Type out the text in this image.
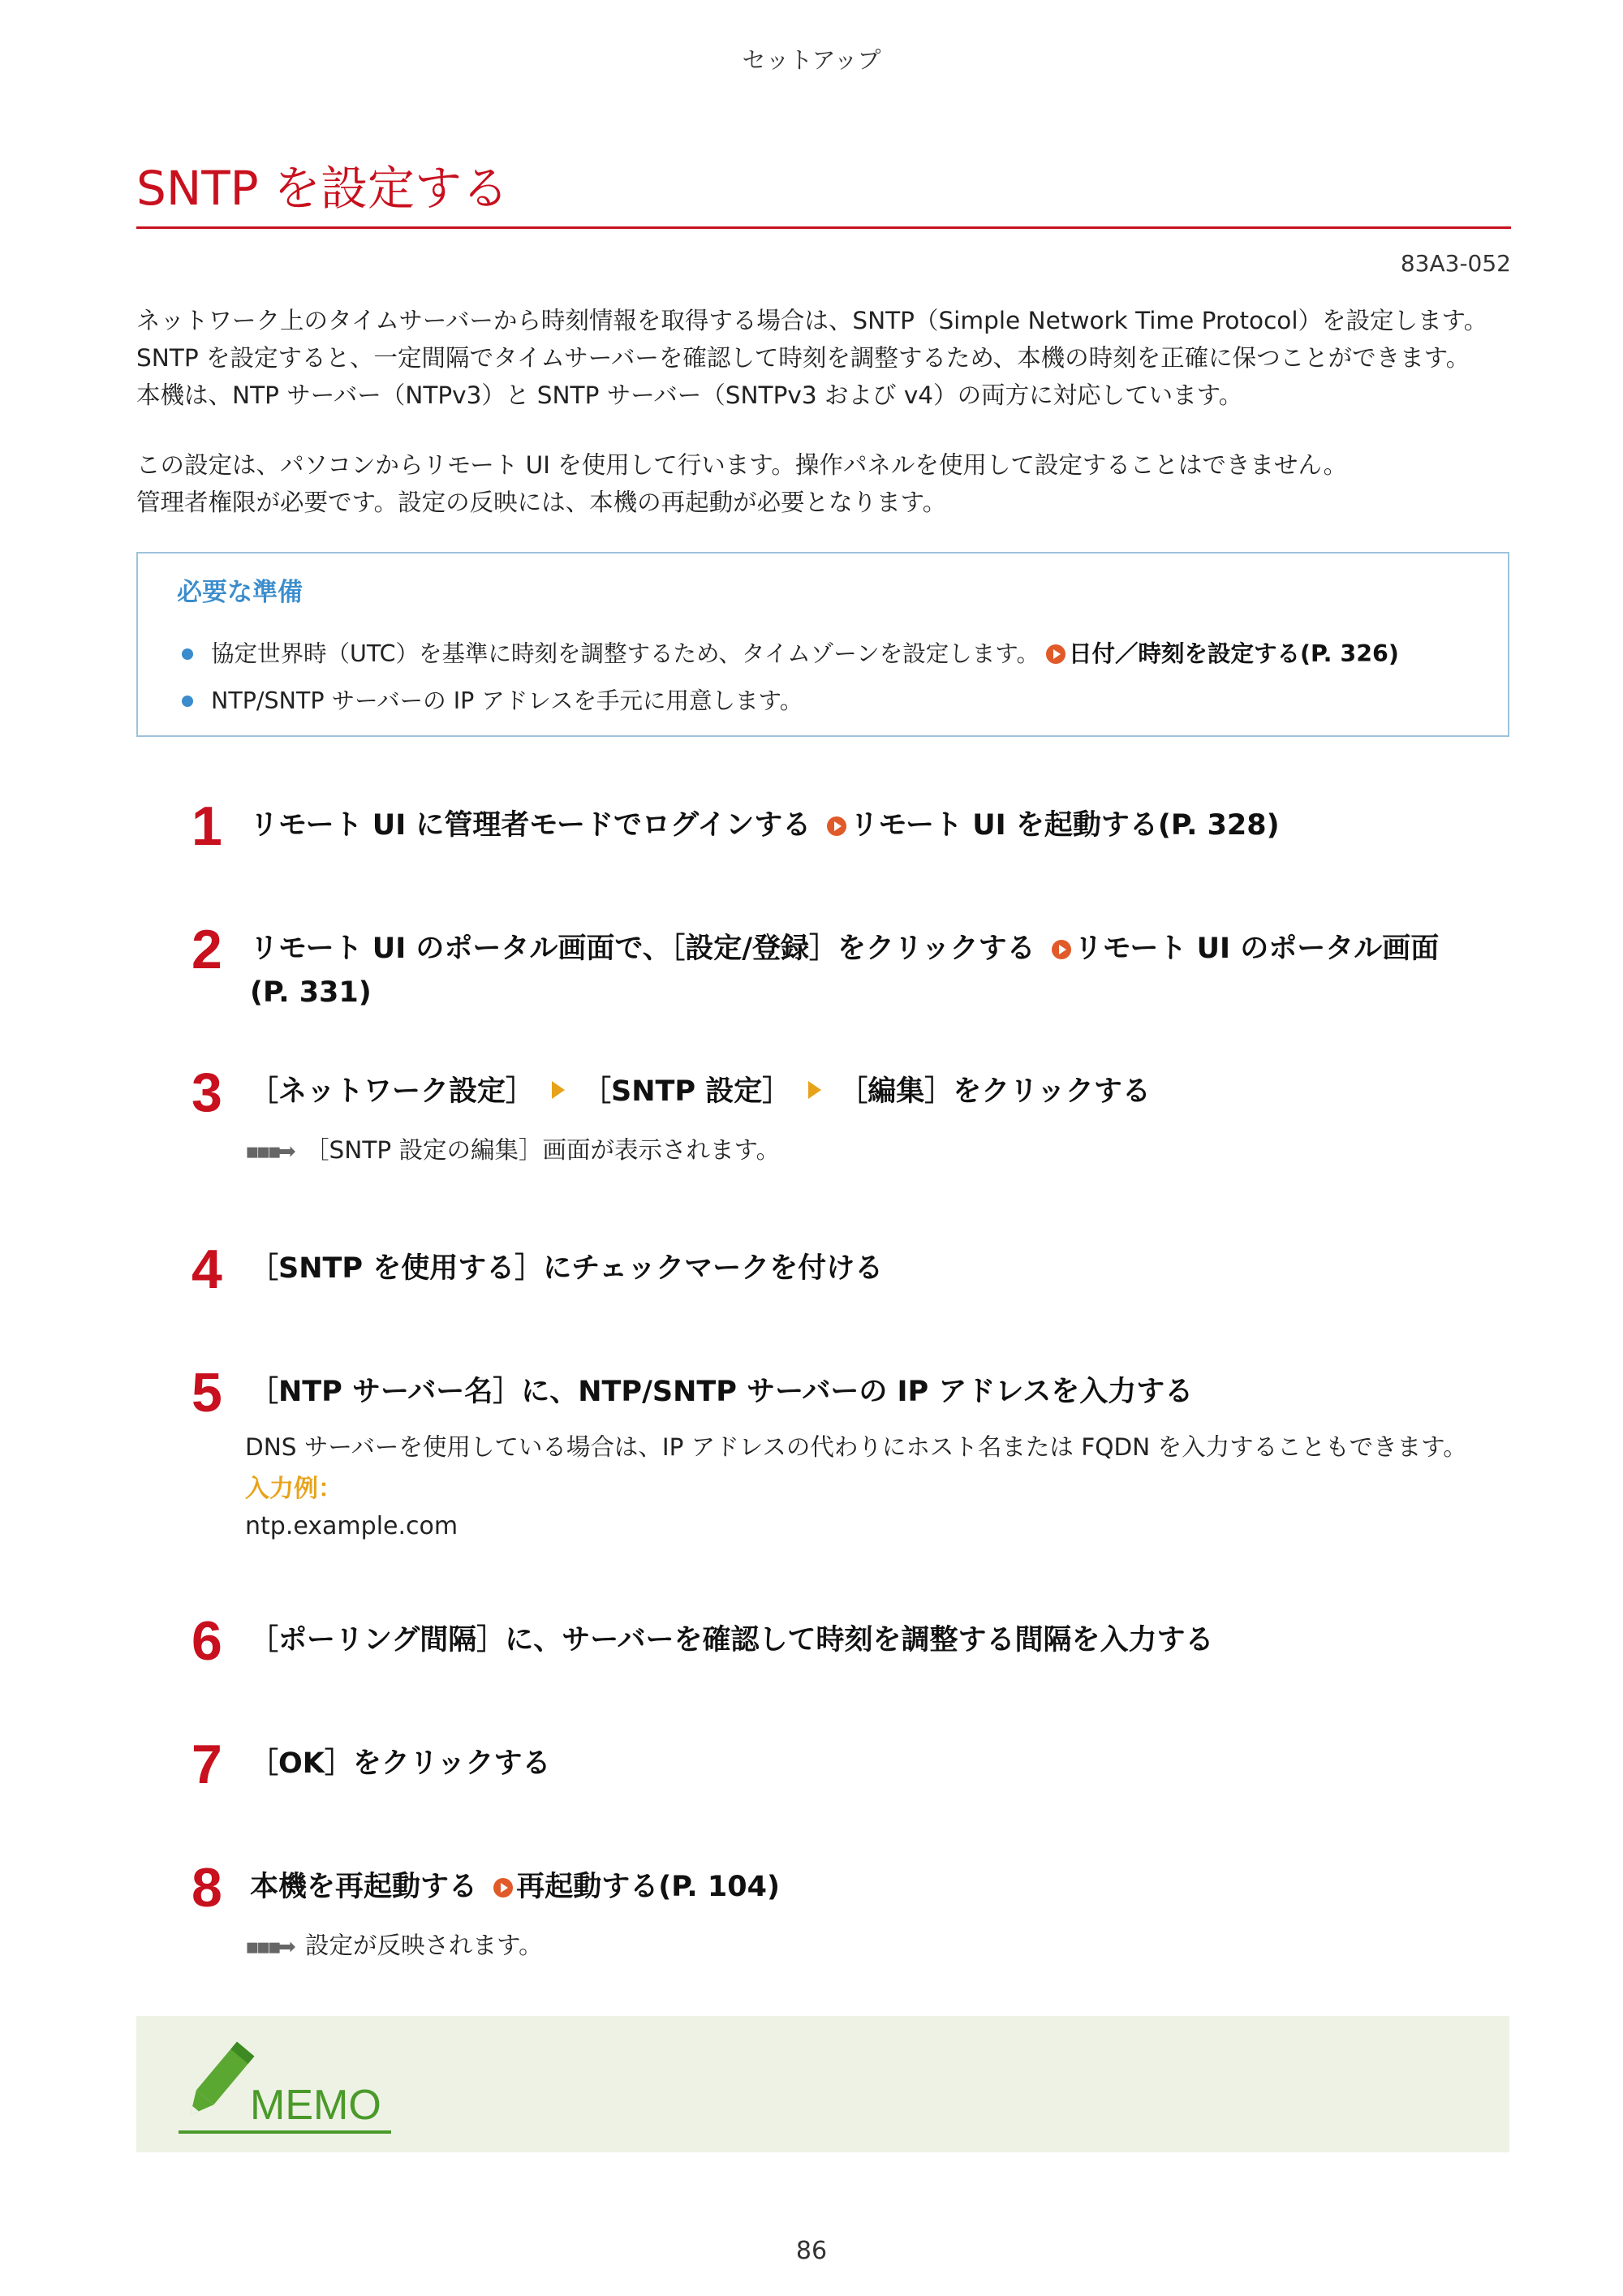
セットアップ
SNTP を設定する
83A3-052

ネットワーク上のタイムサーバーから時刻情報を取得する場合は、SNTP（Simple Network Time Protocol）を設定します。
SNTP を設定すると、一定間隔でタイムサーバーを確認して時刻を調整するため、本機の時刻を正確に保つことができます。
本機は、NTP サーバー（NTPv3）と SNTP サーバー（SNTPv3 および v4）の両方に対応しています。

この設定は、パソコンからリモート UI を使用して行います。操作パネルを使用して設定することはできません。
管理者権限が必要です。設定の反映には、本機の再起動が必要となります。

必要な準備
協定世界時（UTC）を基準に時刻を調整するため、タイムゾーンを設定します。 日付／時刻を設定する(P. 326)
NTP/SNTP サーバーの IP アドレスを手元に用意します。
1 リモート UI に管理者モードでログインする リモート UI を起動する(P. 328)
2 リモート UI のポータル画面で、［設定/登録］をクリックする リモート UI のポータル画面
(P. 331)
3 ［ネットワーク設定］ ［SNTP 設定］ ［編集］をクリックする
▪▪▪➡ ［SNTP 設定の編集］画面が表示されます。
4 ［SNTP を使用する］にチェックマークを付ける
5 ［NTP サーバー名］に、NTP/SNTP サーバーの IP アドレスを入力する
DNS サーバーを使用している場合は、IP アドレスの代わりにホスト名または FQDN を入力することもできます。
入力例：
ntp.example.com
6 ［ポーリング間隔］に、サーバーを確認して時刻を調整する間隔を入力する
7 ［OK］をクリックする
8 本機を再起動する 再起動する(P. 104)
▪▪▪➡ 設定が反映されます。
MEMO
86
